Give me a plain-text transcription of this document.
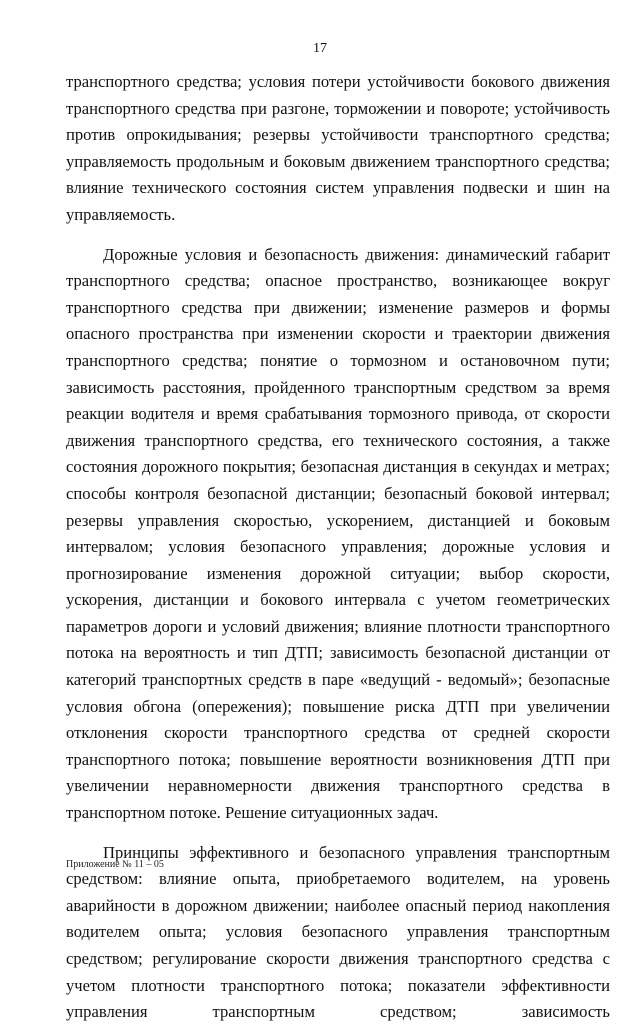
17

транспортного средства; условия потери устойчивости бокового движения транспортного средства при разгоне, торможении и повороте; устойчивость против опрокидывания; резервы устойчивости транспортного средства; управляемость продольным и боковым движением транспортного средства; влияние технического состояния систем управления подвески и шин на управляемость.

Дорожные условия и безопасность движения: динамический габарит транспортного средства; опасное пространство, возникающее вокруг транспортного средства при движении; изменение размеров и формы опасного пространства при изменении скорости и траектории движения транспортного средства; понятие о тормозном и остановочном пути; зависимость расстояния, пройденного транспортным средством за время реакции водителя и время срабатывания тормозного привода, от скорости движения транспортного средства, его технического состояния, а также состояния дорожного покрытия; безопасная дистанция в секундах и метрах; способы контроля безопасной дистанции; безопасный боковой интервал; резервы управления скоростью, ускорением, дистанцией и боковым интервалом; условия безопасного управления; дорожные условия и прогнозирование изменения дорожной ситуации; выбор скорости, ускорения, дистанции и бокового интервала с учетом геометрических параметров дороги и условий движения; влияние плотности транспортного потока на вероятность и тип ДТП; зависимость безопасной дистанции от категорий транспортных средств в паре «ведущий - ведомый»; безопасные условия обгона (опережения); повышение риска ДТП при увеличении отклонения скорости транспортного средства от средней скорости транспортного потока; повышение вероятности возникновения ДТП при увеличении неравномерности движения транспортного средства в транспортном потоке. Решение ситуационных задач.

Принципы эффективного и безопасного управления транспортным средством: влияние опыта, приобретаемого водителем, на уровень аварийности в дорожном движении; наиболее опасный период накопления водителем опыта; условия безопасного управления транспортным средством; регулирование скорости движения транспортного средства с учетом плотности транспортного потока; показатели эффективности управления транспортным средством; зависимость

Приложение № 11 – 05
